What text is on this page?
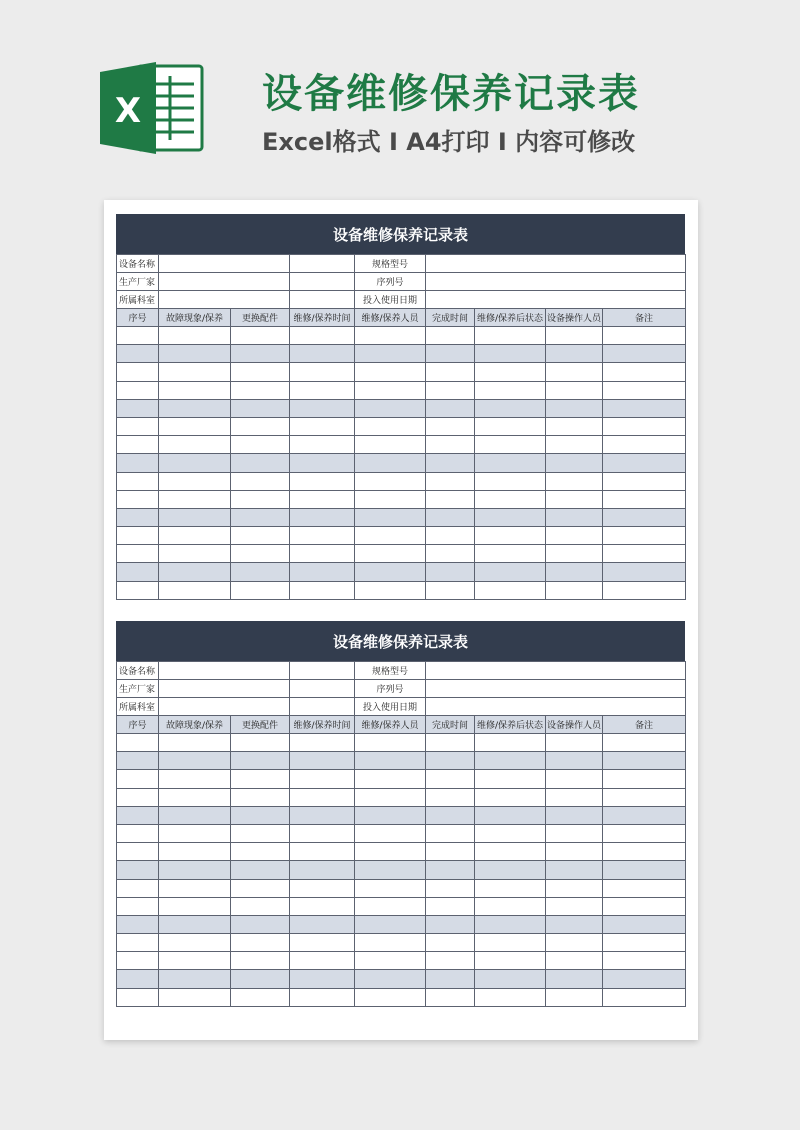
X	设备维修保养记录表
Excel格式 I A4打印 I 内容可修改
设备维修保养记录表
设备名称				规格型号				
生产厂家				序列号				
所属科室				投入使用日期				
序号	故障现象/保养	更换配件	维修/保养时间	维修/保养人员	完成时间	维修/保养后状态	设备操作人员	备注

设备维修保养记录表
设备名称				规格型号				
生产厂家				序列号				
所属科室				投入使用日期				
序号	故障现象/保养	更换配件	维修/保养时间	维修/保养人员	完成时间	维修/保养后状态	设备操作人员	备注
